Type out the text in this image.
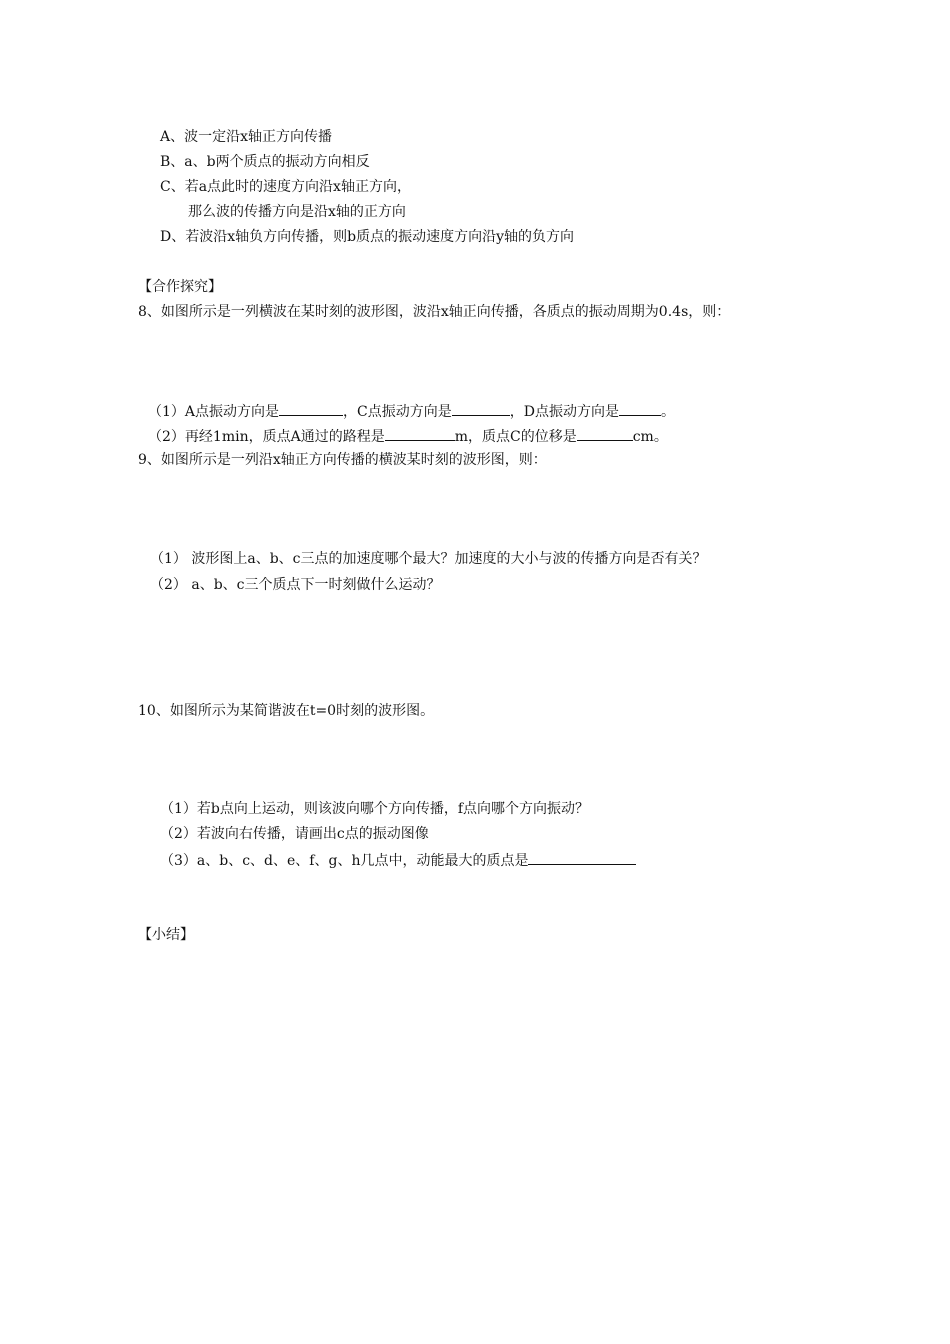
A、波一定沿x轴正方向传播
B、a、b两个质点的振动方向相反
C、若a点此时的速度方向沿x轴正方向，
那么波的传播方向是沿x轴的正方向
D、若波沿x轴负方向传播，则b质点的振动速度方向沿y轴的负方向
【合作探究】
8、如图所示是一列横波在某时刻的波形图，波沿x轴正向传播，各质点的振动周期为0.4s，则：
（1）A点振动方向是	，C点振动方向是	，D点振动方向是	。
（2）再经1min，质点A通过的路程是	m，质点C的位移是	cm。
9、如图所示是一列沿x轴正方向传播的横波某时刻的波形图，则：
（1） 波形图上a、b、c三点的加速度哪个最大？加速度的大小与波的传播方向是否有关？
（2） a、b、c三个质点下一时刻做什么运动？
10、如图所示为某简谐波在t=0时刻的波形图。
（1）若b点向上运动，则该波向哪个方向传播，f点向哪个方向振动？
（2）若波向右传播，请画出c点的振动图像
（3）a、b、c、d、e、f、g、h几点中，动能最大的质点是
【小结】
